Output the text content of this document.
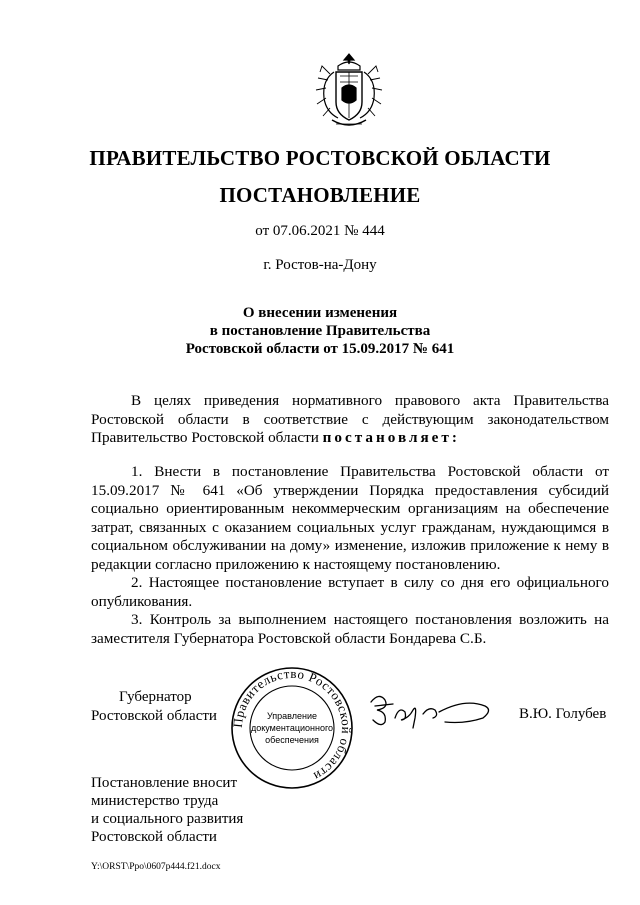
ПРАВИТЕЛЬСТВО РОСТОВСКОЙ ОБЛАСТИ
ПОСТАНОВЛЕНИЕ
от 07.06.2021 № 444
г. Ростов-на-Дону
О внесении изменения
в постановление Правительства
Ростовской области от 15.09.2017 № 641

В целях приведения нормативного правового акта Правительства Ростовской области в соответствие с действующим законодательством Правительство Ростовской области постановляет:

1. Внести в постановление Правительства Ростовской области от 15.09.2017 № 641 «Об утверждении Порядка предоставления субсидий социально ориентированным некоммерческим организациям на обеспечение затрат, связанных с оказанием социальных услуг гражданам, нуждающимся в социальном обслуживании на дому» изменение, изложив приложение к нему в редакции согласно приложению к настоящему постановлению.

2. Настоящее постановление вступает в силу со дня его официального опубликования.

3. Контроль за выполнением настоящего постановления возложить на заместителя Губернатора Ростовской области Бондарева С.Б.

Губернатор
Ростовской области Правительство Ростовской области
Управление
документационного
обеспечения
В.Ю. Голубев
Постановление вносит
министерство труда
и социального развития
Ростовской области
Y:\ORST\Ppo\0607p444.f21.docx
